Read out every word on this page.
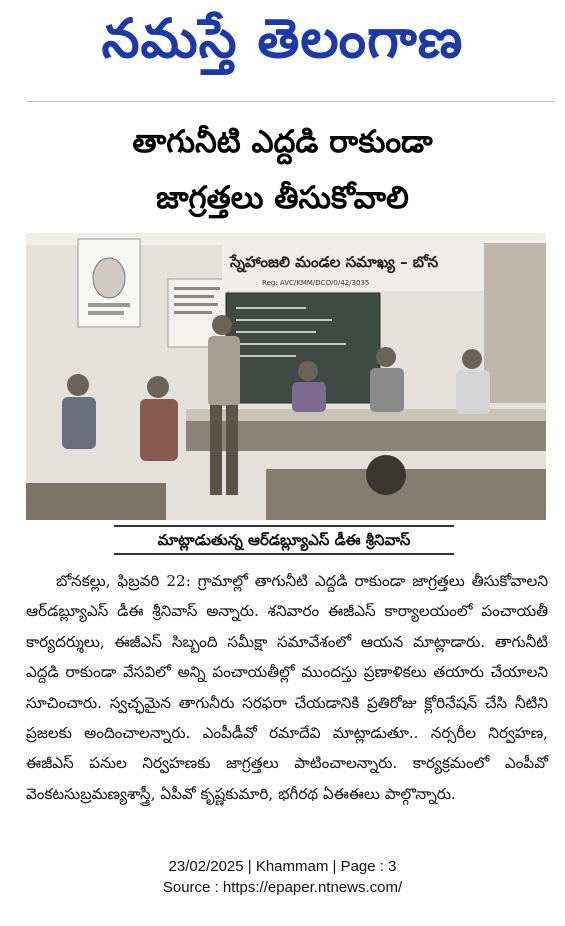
నమస్తే తెలంగాణ
తాగునీటి ఎద్దడి రాకుండా
జాగ్రత్తలు తీసుకోవాలి
స్నేహాంజలి మండల సమాఖ్య – బోన
Reg: AVC/KMM/DCO/0/42/3035
మాట్లాడుతున్న ఆర్‌డబ్ల్యూఎస్ డీఈ శ్రీనివాస్

బోనకల్లు, ఫిబ్రవరి 22: గ్రామాల్లో తాగునీటి ఎద్దడి రాకుండా జాగ్రత్తలు తీసుకోవాలని ఆర్‌డబ్ల్యూఎస్ డీఈ శ్రీనివాస్ అన్నారు. శనివారం ఈజీఎస్ కార్యాలయంలో పంచాయతీ కార్యదర్శులు, ఈజీఎస్ సిబ్బంది సమీక్షా సమావేశంలో ఆయన మాట్లాడారు. తాగునీటి ఎద్దడి రాకుండా వేసవిలో అన్ని పంచాయతీల్లో ముందస్తు ప్రణాళికలు తయారు చేయాలని సూచించారు. స్వచ్ఛమైన తాగునీరు సరఫరా చేయడానికి ప్రతిరోజు క్లోరినేషన్ చేసి నీటిని ప్రజలకు అందించాలన్నారు. ఎంపీడీవో రమాదేవి మాట్లాడుతూ.. నర్సరీల నిర్వహణ, ఈజీఎస్ పనుల నిర్వహణకు జాగ్రత్తలు పాటించాలన్నారు. కార్యక్రమంలో ఎంపీవో వెంకటసుబ్రమణ్యశాస్త్రీ, ఏపీవో కృష్ణకుమారి, భగీరథ ఏఈఈలు పాల్గొన్నారు.

23/02/2025 | Khammam | Page : 3
Source : https://epaper.ntnews.com/
